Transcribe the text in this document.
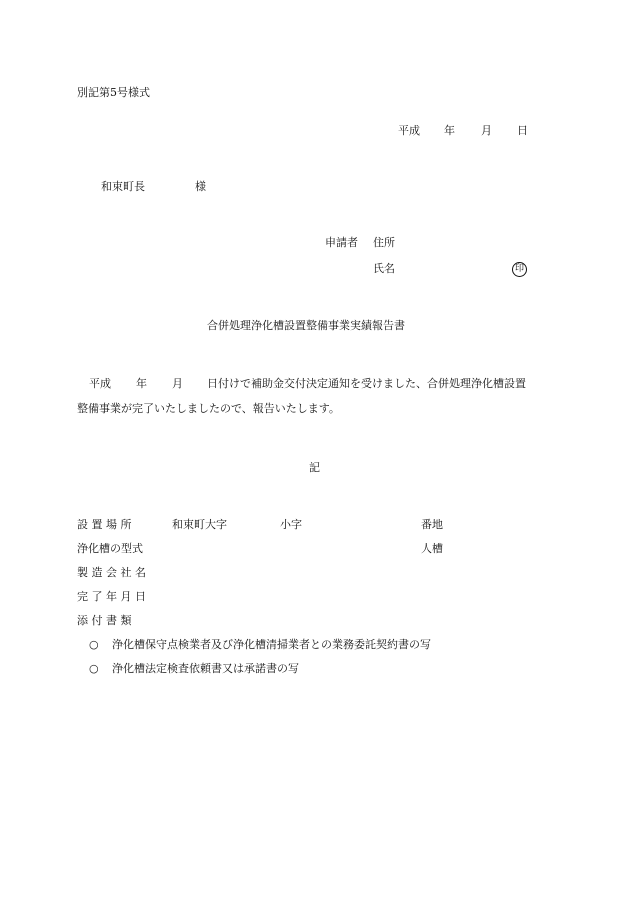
別記第5号様式
平成 年 月 日
和束町長	様
申請者 住所
氏名	印
合併処理浄化槽設置整備事業実績報告書
平成 年 月 日付けで補助金交付決定通知を受けました、合併処理浄化槽設置
整備事業が完了いたしましたので、報告いたします。
記
設 置 場 所	和束町大字	小字	番地
浄化槽の型式	人槽
製 造 会 社 名
完 了 年 月 日
添 付 書 類
○ 浄化槽保守点検業者及び浄化槽清掃業者との業務委託契約書の写
○ 浄化槽法定検査依頼書又は承諾書の写
